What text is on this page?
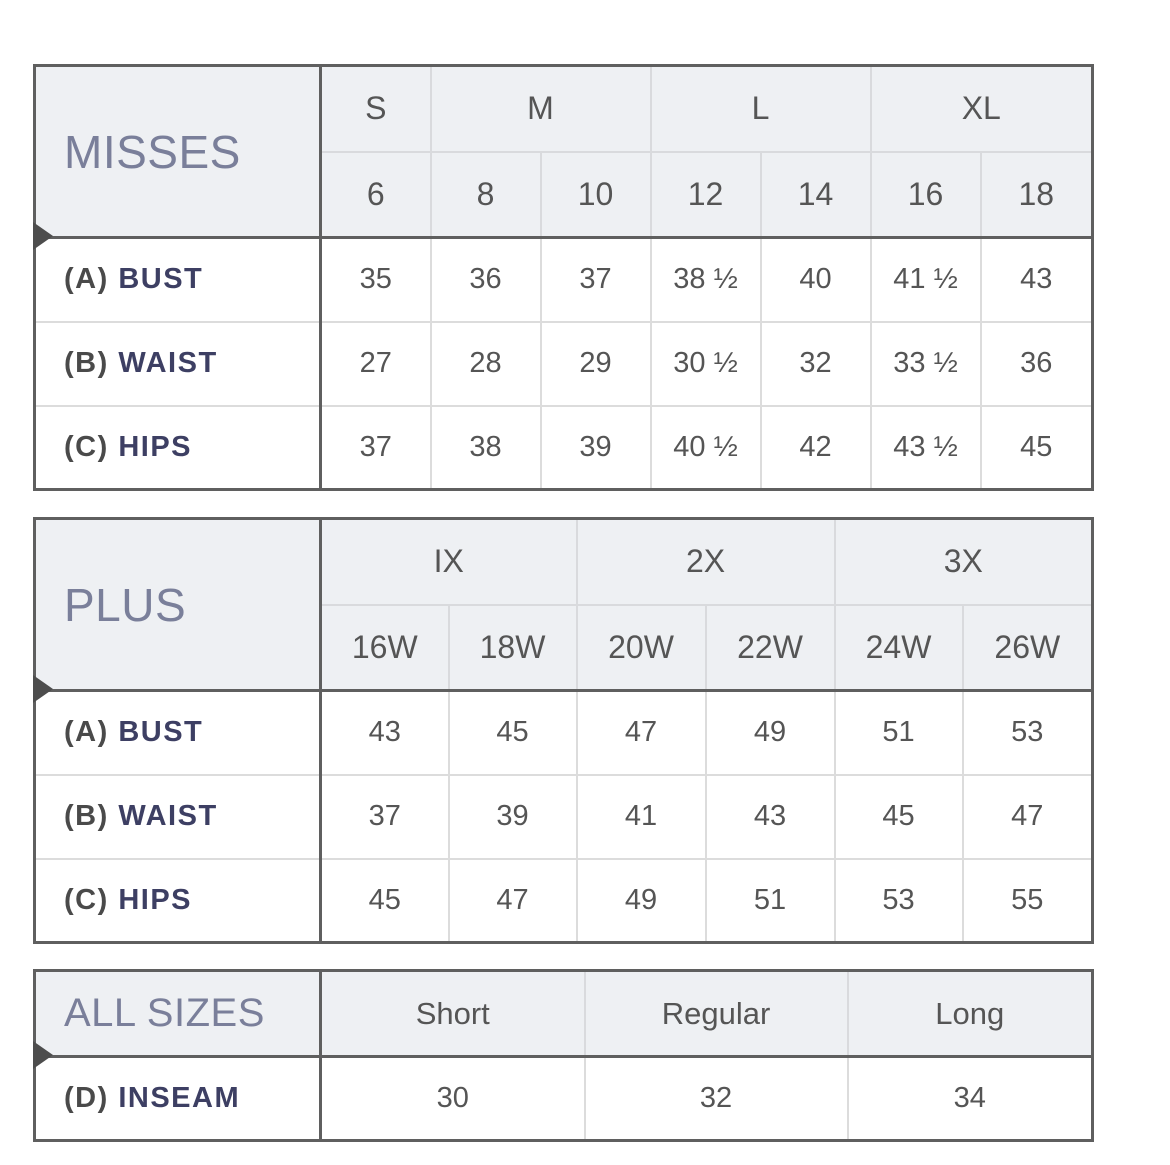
MISSES	S	M		L		XL	
	6	8	10	12	14	16	18
(A) BUST	35	36	37	38 ½	40	41 ½	43
(B) WAIST	27	28	29	30 ½	32	33 ½	36
(C) HIPS	37	38	39	40 ½	42	43 ½	45
PLUS	IX		2X		3X	
	16W	18W	20W	22W	24W	26W
(A) BUST	43	45	47	49	51	53
(B) WAIST	37	39	41	43	45	47
(C) HIPS	45	47	49	51	53	55
ALL SIZES	Short	Regular	Long
(D) INSEAM	30	32	34
